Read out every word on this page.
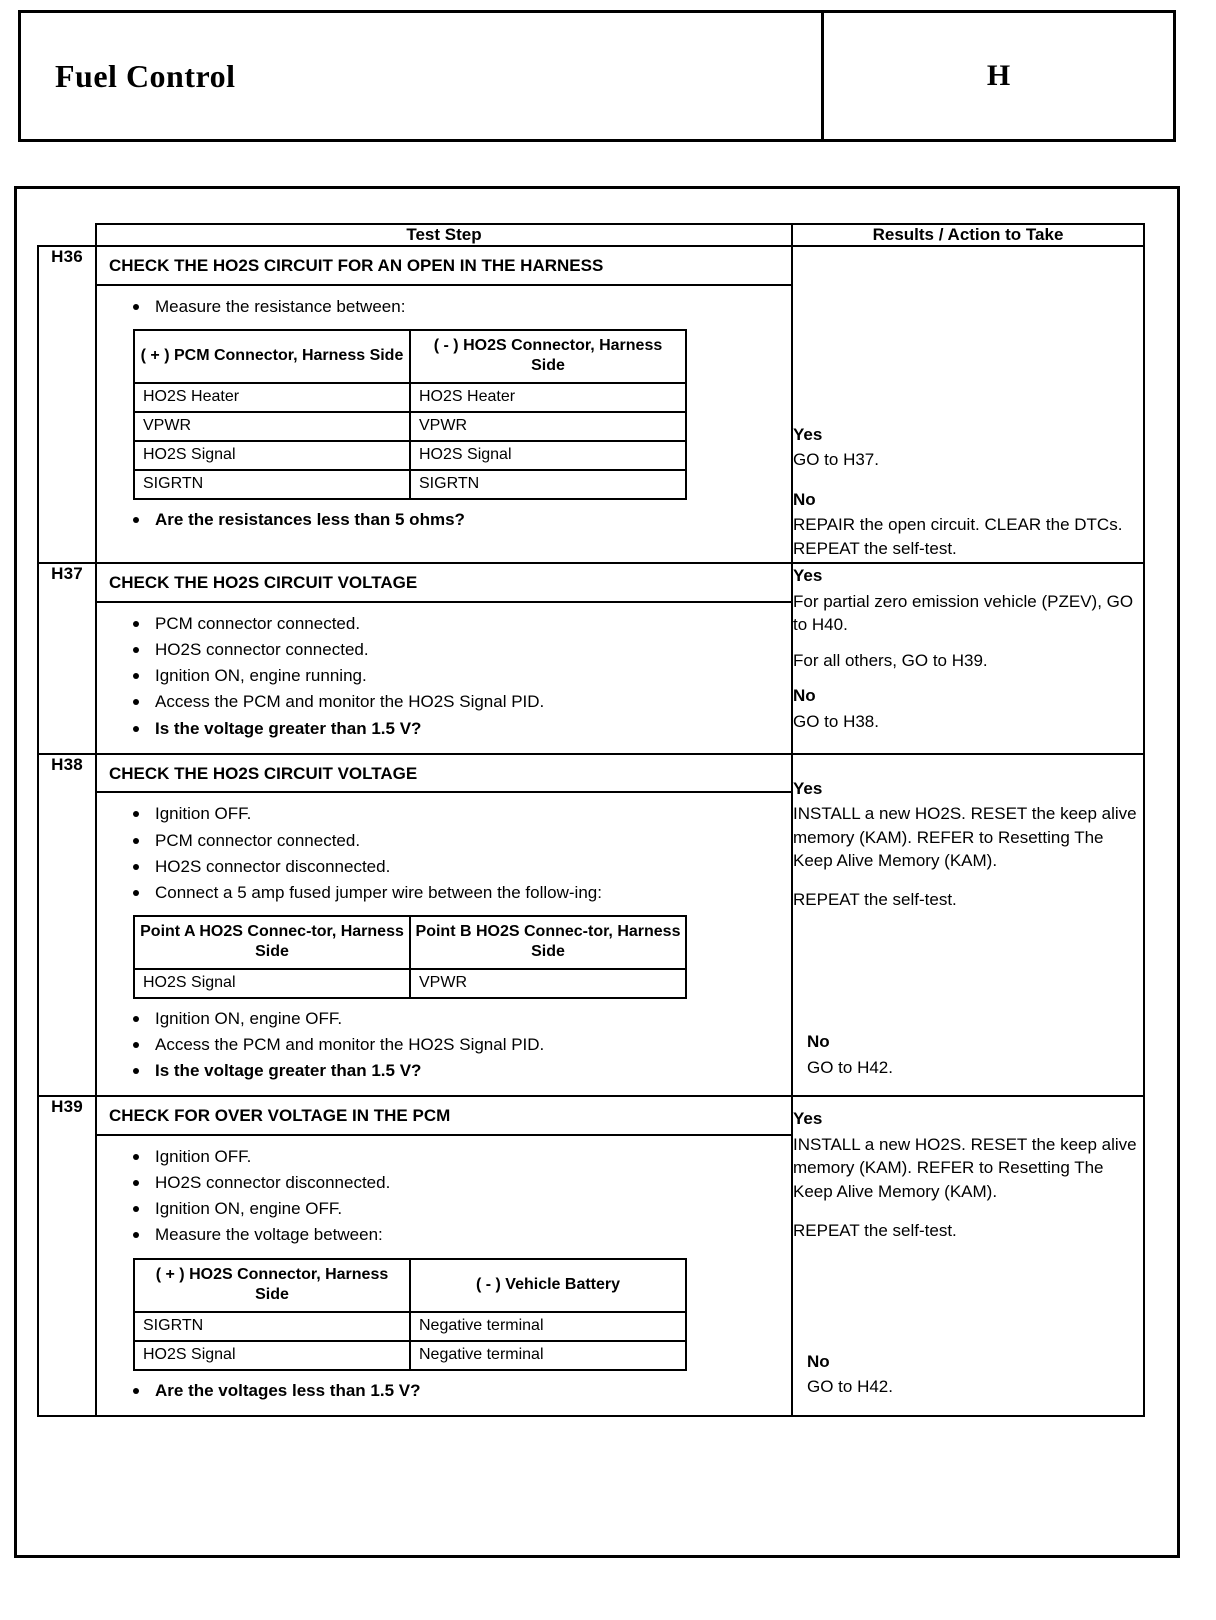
Fuel Control	H
	Test Step	Results / Action to Take
H36	CHECK THE HO2S CIRCUIT FOR AN OPEN IN THE HARNESS
Measure the resistance between:
( + ) PCM Connector, Harness Side	( - ) HO2S Connector, Harness Side
HO2S Heater	HO2S Heater
VPWR	VPWR
HO2S Signal	HO2S Signal
SIGRTN	SIGRTN
Are the resistances less than 5 ohms?

Yes

GO to H37.

No

REPAIR the open circuit. CLEAR the DTCs. REPEAT the self-test.

H37	CHECK THE HO2S CIRCUIT VOLTAGE
PCM connector connected.
HO2S connector connected.
Ignition ON, engine running.
Access the PCM and monitor the HO2S Signal PID.
Is the voltage greater than 1.5 V?

Yes

For partial zero emission vehicle (PZEV), GO to H40.

For all others, GO to H39.

No

GO to H38.

H38	CHECK THE HO2S CIRCUIT VOLTAGE
Ignition OFF.
PCM connector connected.
HO2S connector disconnected.
Connect a 5 amp fused jumper wire between the follow-ing:
Point A HO2S Connec-tor, Harness Side	Point B HO2S Connec-tor, Harness Side
HO2S Signal	VPWR
Ignition ON, engine OFF.
Access the PCM and monitor the HO2S Signal PID.
Is the voltage greater than 1.5 V?

Yes

INSTALL a new HO2S. RESET the keep alive memory (KAM). REFER to Resetting The Keep Alive Memory (KAM).

REPEAT the self-test.

No

GO to H42.

H39	CHECK FOR OVER VOLTAGE IN THE PCM
Ignition OFF.
HO2S connector disconnected.
Ignition ON, engine OFF.
Measure the voltage between:
( + ) HO2S Connector, Harness Side	( - ) Vehicle Battery
SIGRTN	Negative terminal
HO2S Signal	Negative terminal
Are the voltages less than 1.5 V?

Yes

INSTALL a new HO2S. RESET the keep alive memory (KAM). REFER to Resetting The Keep Alive Memory (KAM).

REPEAT the self-test.

No

GO to H42.
